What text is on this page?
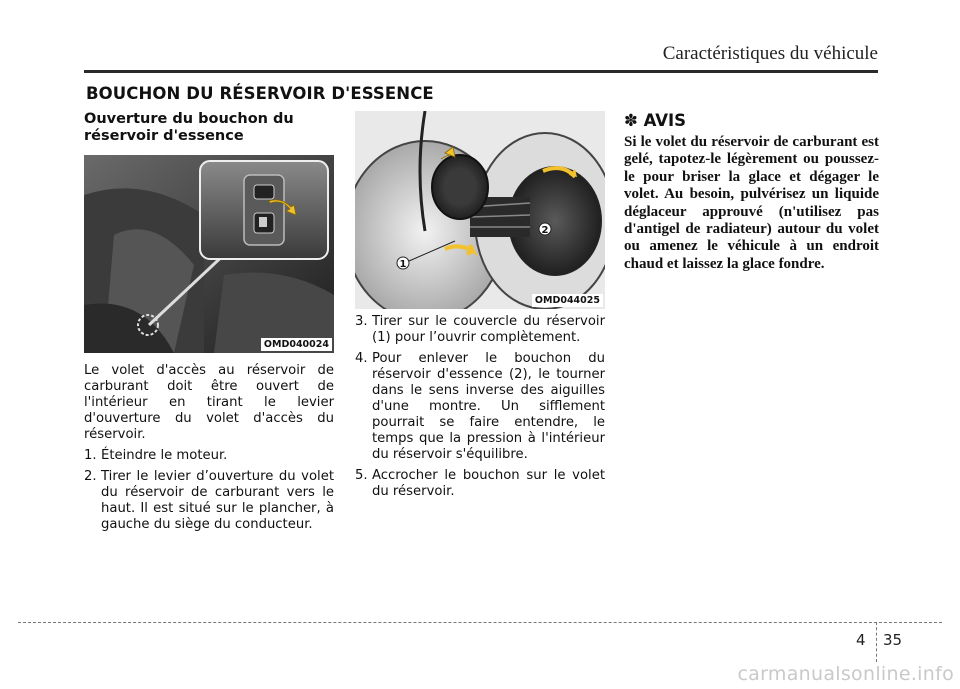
Caractéristiques du véhicule
BOUCHON DU RÉSERVOIR D'ESSENCE
Ouverture du bouchon du réservoir d'essence
OMD040024
Le volet d'accès au réservoir de carburant doit être ouvert de l'intérieur en tirant le levier d'ouverture du volet d'accès du réservoir.
1. Éteindre le moteur.
2. Tirer le levier d’ouverture du volet du réservoir de carburant vers le haut. Il est situé sur le plancher, à gauche du siège du conducteur.
1
2
OMD044025
3. Tirer sur le couvercle du réservoir (1) pour l’ouvrir complètement.
4. Pour enlever le bouchon du réservoir d'essence (2), le tourner dans le sens inverse des aiguilles d'une montre. Un sifflement pourrait se faire entendre, le temps que la pression à l'intérieur du réservoir s'équilibre.
5. Accrocher le bouchon sur le volet du réservoir.
✽ AVIS
Si le volet du réservoir de carburant est gelé, tapotez-le légèrement ou poussez-le pour briser la glace et dégager le volet. Au besoin, pulvérisez un liquide déglaceur approuvé (n'utilisez pas d'antigel de radiateur) autour du volet ou amenez le véhicule à un endroit chaud et laissez la glace fondre.
4 35
carmanualsonline.info
